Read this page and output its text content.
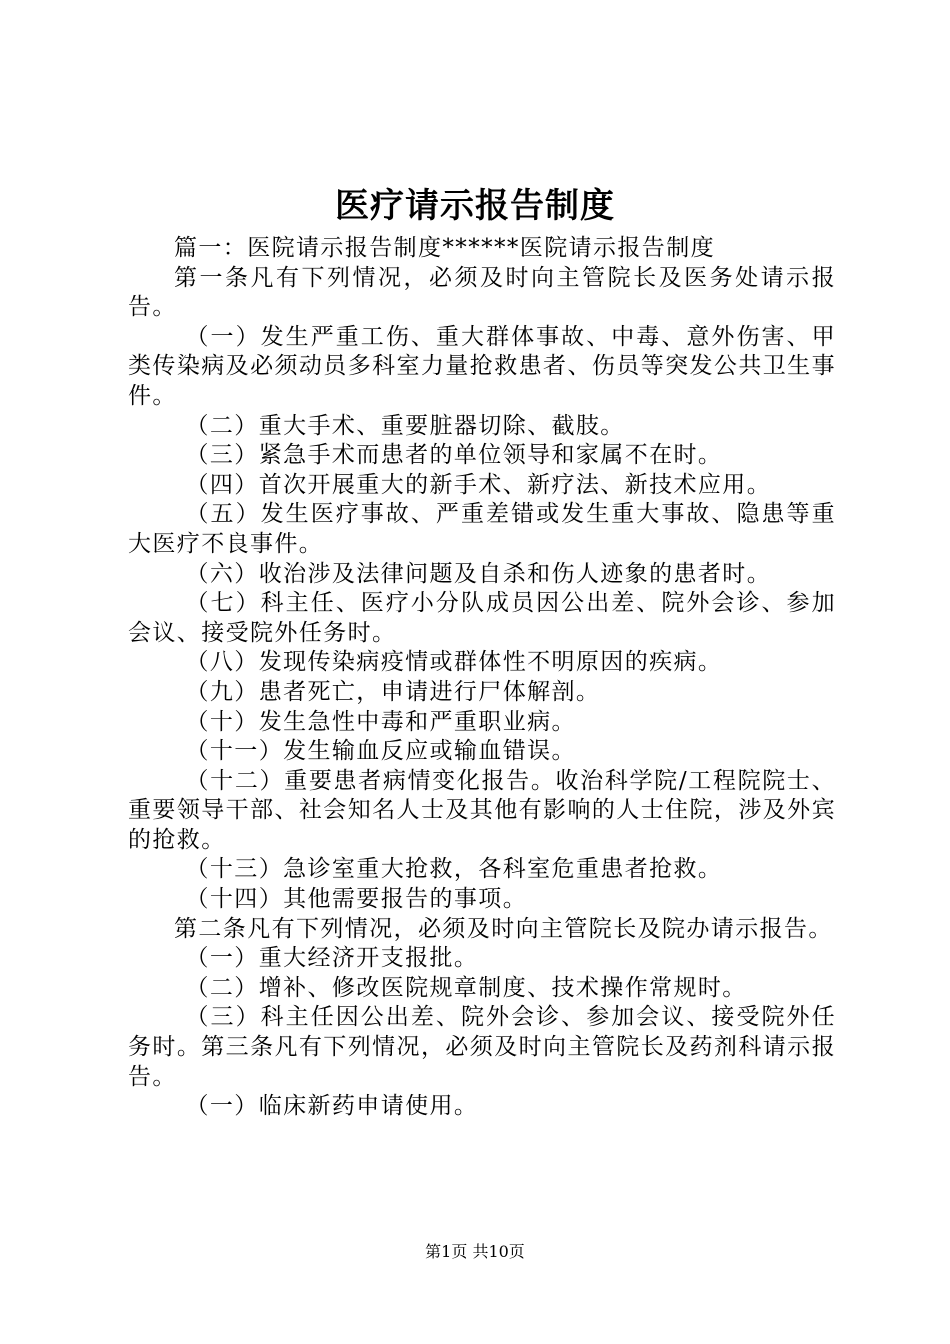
医疗请示报告制度

篇一：医院请示报告制度******医院请示报告制度

第一条凡有下列情况，必须及时向主管院长及医务处请示报告。

（一）发生严重工伤、重大群体事故、中毒、意外伤害、甲类传染病及必须动员多科室力量抢救患者、伤员等突发公共卫生事件。

（二）重大手术、重要脏器切除、截肢。

（三）紧急手术而患者的单位领导和家属不在时。

（四）首次开展重大的新手术、新疗法、新技术应用。

（五）发生医疗事故、严重差错或发生重大事故、隐患等重大医疗不良事件。

（六）收治涉及法律问题及自杀和伤人迹象的患者时。

（七）科主任、医疗小分队成员因公出差、院外会诊、参加会议、接受院外任务时。

（八）发现传染病疫情或群体性不明原因的疾病。

（九）患者死亡，申请进行尸体解剖。

（十）发生急性中毒和严重职业病。

（十一）发生输血反应或输血错误。

（十二）重要患者病情变化报告。收治科学院/工程院院士、重要领导干部、社会知名人士及其他有影响的人士住院，涉及外宾的抢救。

（十三）急诊室重大抢救，各科室危重患者抢救。

（十四）其他需要报告的事项。

第二条凡有下列情况，必须及时向主管院长及院办请示报告。

（一）重大经济开支报批。

（二）增补、修改医院规章制度、技术操作常规时。

（三）科主任因公出差、院外会诊、参加会议、接受院外任务时。第三条凡有下列情况，必须及时向主管院长及药剂科请示报告。

（一）临床新药申请使用。

第1页 共10页
